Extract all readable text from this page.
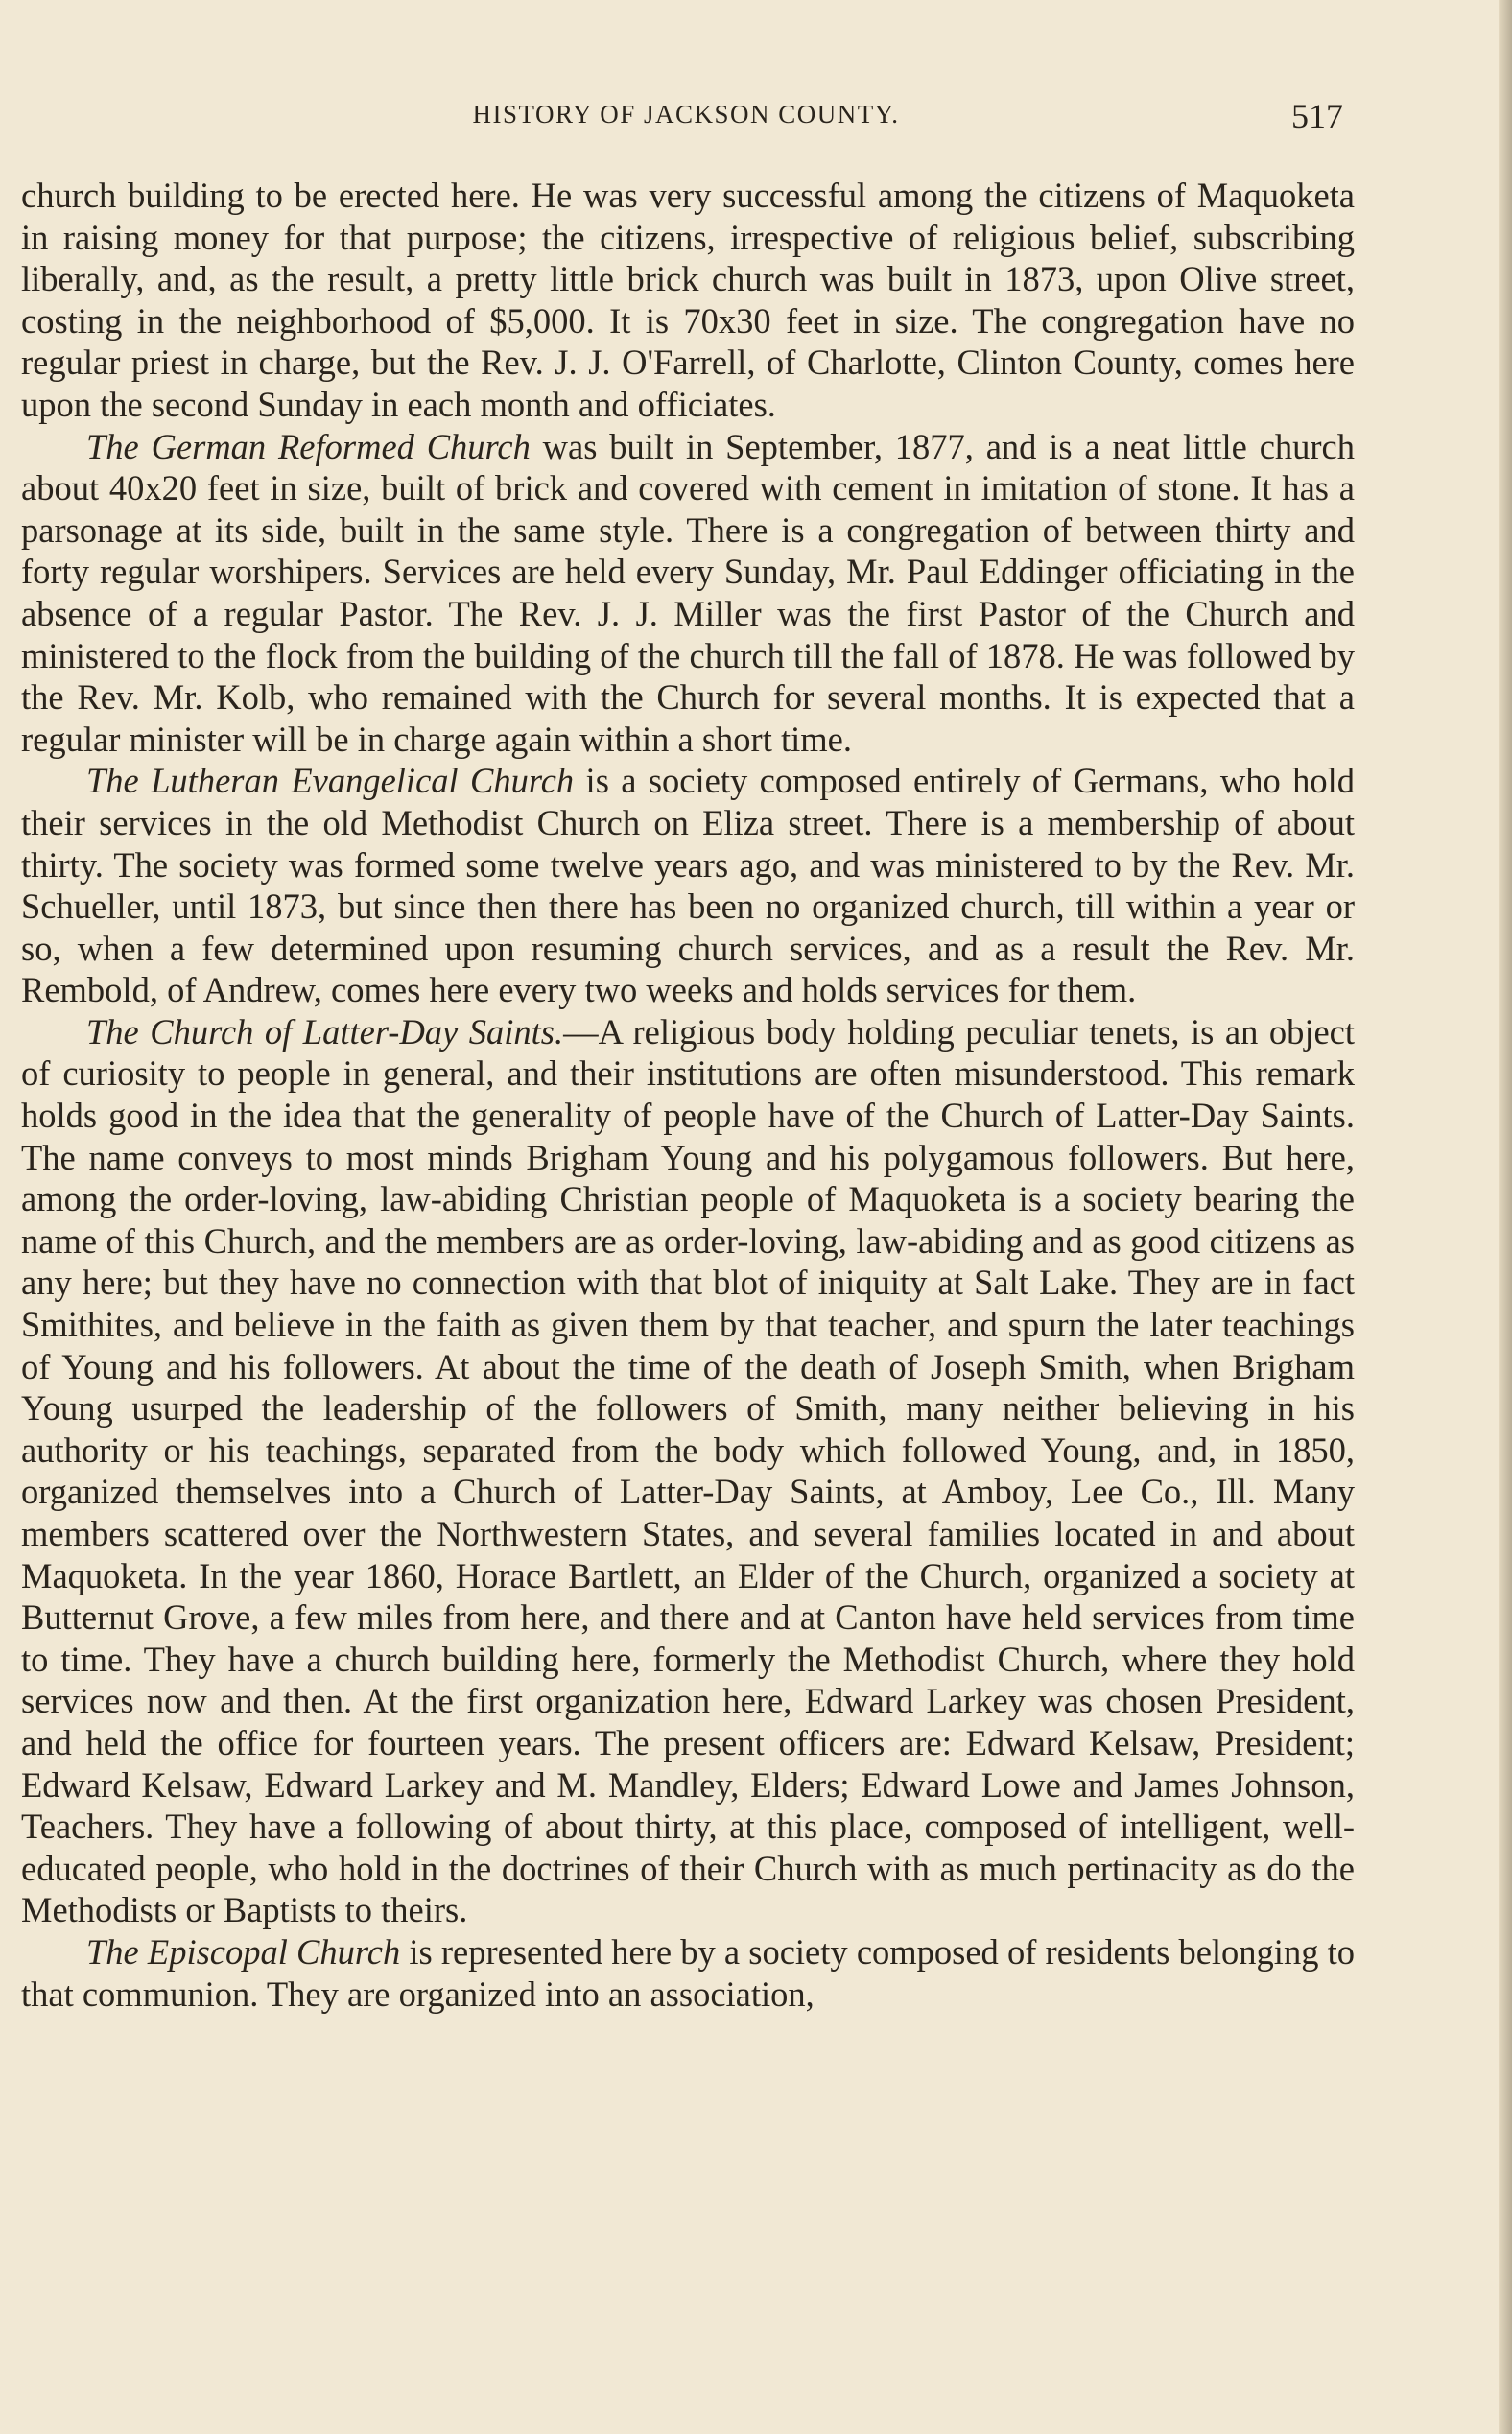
HISTORY OF JACKSON COUNTY.	517

church building to be erected here. He was very successful among the citizens of Maquoketa in raising money for that purpose; the citizens, irrespective of religious belief, subscribing liberally, and, as the result, a pretty little brick church was built in 1873, upon Olive street, costing in the neighborhood of $5,000. It is 70x30 feet in size. The congregation have no regular priest in charge, but the Rev. J. J. O'Farrell, of Charlotte, Clinton County, comes here upon the second Sunday in each month and officiates.

The German Reformed Church was built in September, 1877, and is a neat little church about 40x20 feet in size, built of brick and covered with cement in imitation of stone. It has a parsonage at its side, built in the same style. There is a congregation of between thirty and forty regular worshipers. Services are held every Sunday, Mr. Paul Eddinger officiating in the absence of a regular Pastor. The Rev. J. J. Miller was the first Pastor of the Church and ministered to the flock from the building of the church till the fall of 1878. He was followed by the Rev. Mr. Kolb, who remained with the Church for several months. It is expected that a regular minister will be in charge again within a short time.

The Lutheran Evangelical Church is a society composed entirely of Germans, who hold their services in the old Methodist Church on Eliza street. There is a membership of about thirty. The society was formed some twelve years ago, and was ministered to by the Rev. Mr. Schueller, until 1873, but since then there has been no organized church, till within a year or so, when a few determined upon resuming church services, and as a result the Rev. Mr. Rembold, of Andrew, comes here every two weeks and holds services for them.

The Church of Latter-Day Saints.—A religious body holding peculiar tenets, is an object of curiosity to people in general, and their institutions are often misunderstood. This remark holds good in the idea that the generality of people have of the Church of Latter-Day Saints. The name conveys to most minds Brigham Young and his polygamous followers. But here, among the order-loving, law-abiding Christian people of Maquoketa is a society bearing the name of this Church, and the members are as order-loving, law-abiding and as good citizens as any here; but they have no connection with that blot of iniquity at Salt Lake. They are in fact Smithites, and believe in the faith as given them by that teacher, and spurn the later teachings of Young and his followers. At about the time of the death of Joseph Smith, when Brigham Young usurped the leadership of the followers of Smith, many neither believing in his authority or his teachings, separated from the body which followed Young, and, in 1850, organized themselves into a Church of Latter-Day Saints, at Amboy, Lee Co., Ill. Many members scattered over the Northwestern States, and several families located in and about Maquoketa. In the year 1860, Horace Bartlett, an Elder of the Church, organized a society at Butternut Grove, a few miles from here, and there and at Canton have held services from time to time. They have a church building here, formerly the Methodist Church, where they hold services now and then. At the first organization here, Edward Larkey was chosen President, and held the office for fourteen years. The present officers are: Edward Kelsaw, President; Edward Kelsaw, Edward Larkey and M. Mandley, Elders; Edward Lowe and James Johnson, Teachers. They have a following of about thirty, at this place, composed of intelligent, well-educated people, who hold in the doctrines of their Church with as much pertinacity as do the Methodists or Baptists to theirs.

The Episcopal Church is represented here by a society composed of residents belonging to that communion. They are organized into an association,
